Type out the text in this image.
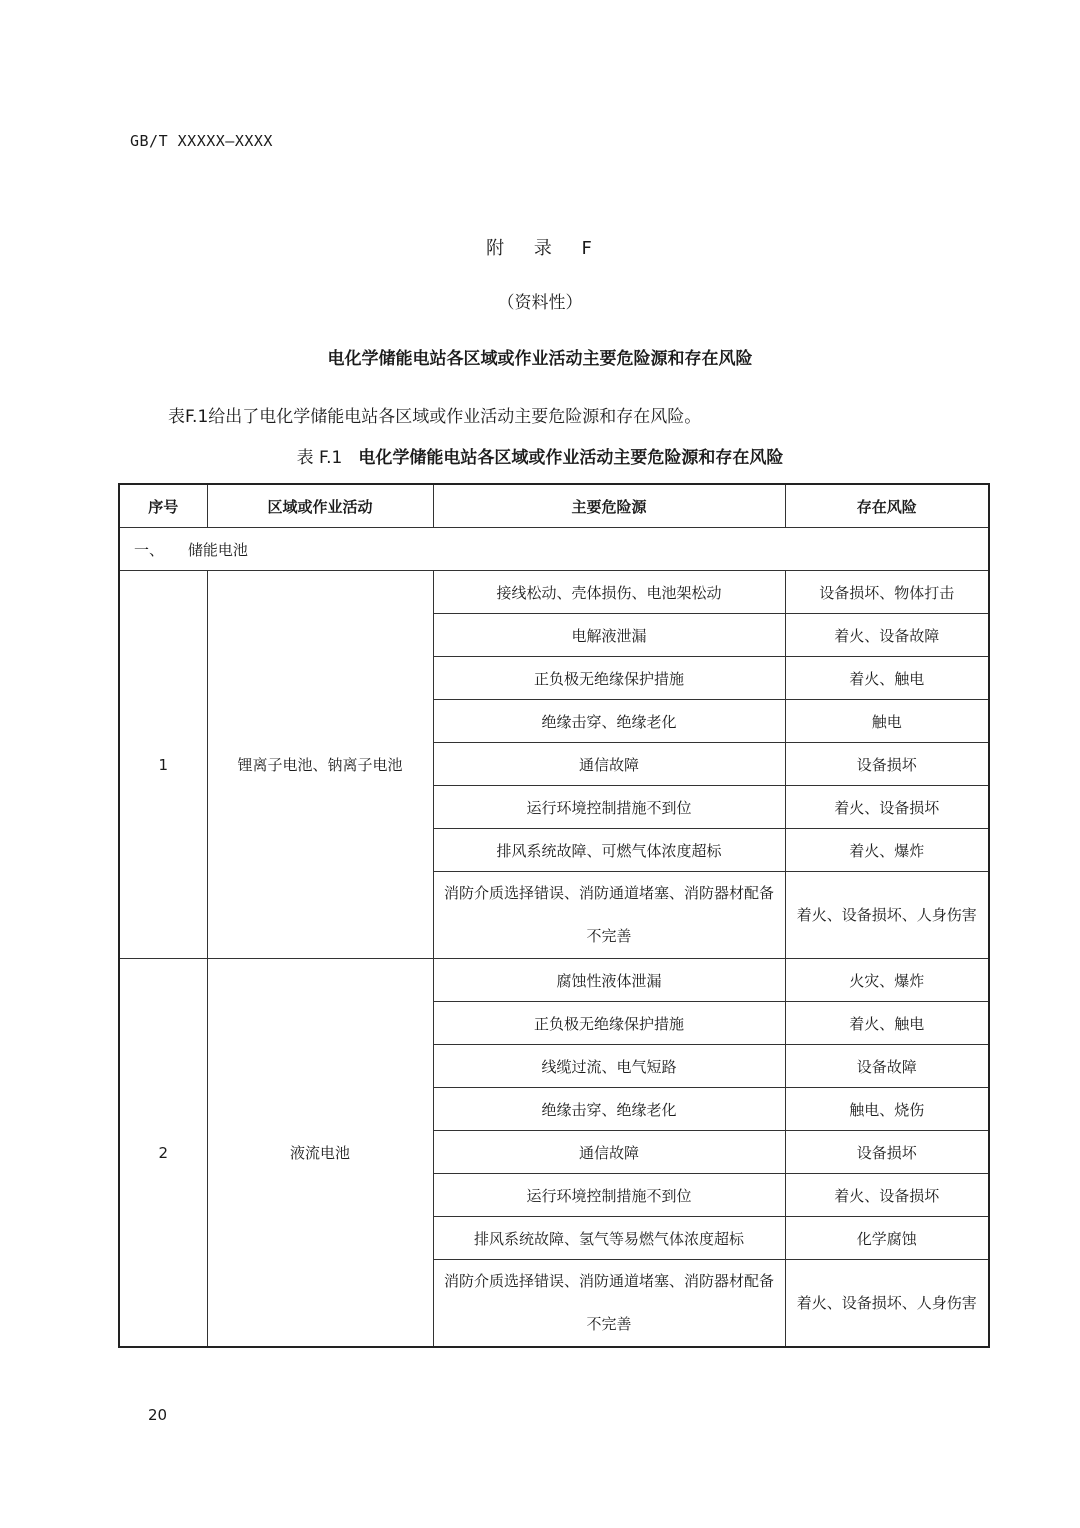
GB/T XXXXX—XXXX
附 录 F
（资料性）
电化学储能电站各区域或作业活动主要危险源和存在风险
表F.1给出了电化学储能电站各区域或作业活动主要危险源和存在风险。
表 F.1 电化学储能电站各区域或作业活动主要危险源和存在风险
序号	区域或作业活动	主要危险源	存在风险
一、 储能电池			
1	锂离子电池、钠离子电池	接线松动、壳体损伤、电池架松动	设备损坏、物体打击
		电解液泄漏	着火、设备故障
		正负极无绝缘保护措施	着火、触电
		绝缘击穿、绝缘老化	触电
		通信故障	设备损坏
		运行环境控制措施不到位	着火、设备损坏
		排风系统故障、可燃气体浓度超标	着火、爆炸
		消防介质选择错误、消防通道堵塞、消防器材配备不完善	着火、设备损坏、人身伤害
2	液流电池	腐蚀性液体泄漏	火灾、爆炸
		正负极无绝缘保护措施	着火、触电
		线缆过流、电气短路	设备故障
		绝缘击穿、绝缘老化	触电、烧伤
		通信故障	设备损坏
		运行环境控制措施不到位	着火、设备损坏
		排风系统故障、氢气等易燃气体浓度超标	化学腐蚀
		消防介质选择错误、消防通道堵塞、消防器材配备不完善	着火、设备损坏、人身伤害
20
